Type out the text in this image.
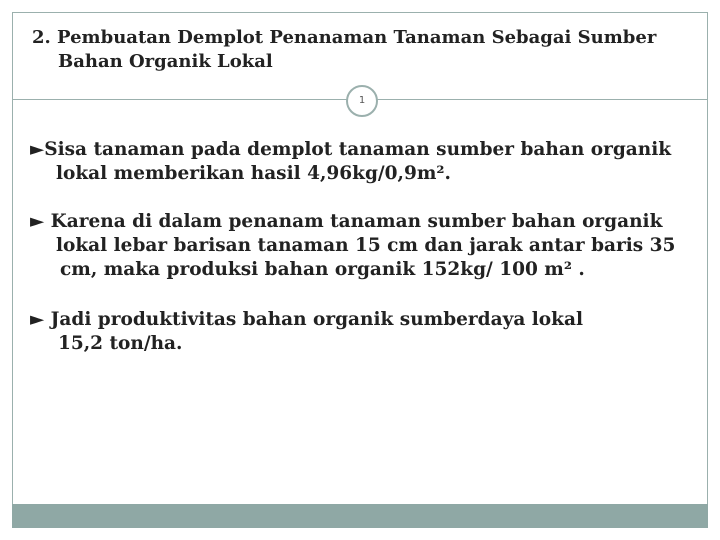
2. Pembuatan Demplot Penanaman Tanaman Sebagai Sumber
Bahan Organik Lokal
1
►Sisa tanaman pada demplot tanaman sumber bahan organik
lokal memberikan hasil 4,96kg/0,9m².
► Karena di dalam penanam tanaman sumber bahan organik
lokal lebar barisan tanaman 15 cm dan jarak antar baris 35
cm, maka produksi bahan organik 152kg/ 100 m² .
► Jadi produktivitas bahan organik sumberdaya lokal
15,2 ton/ha.
